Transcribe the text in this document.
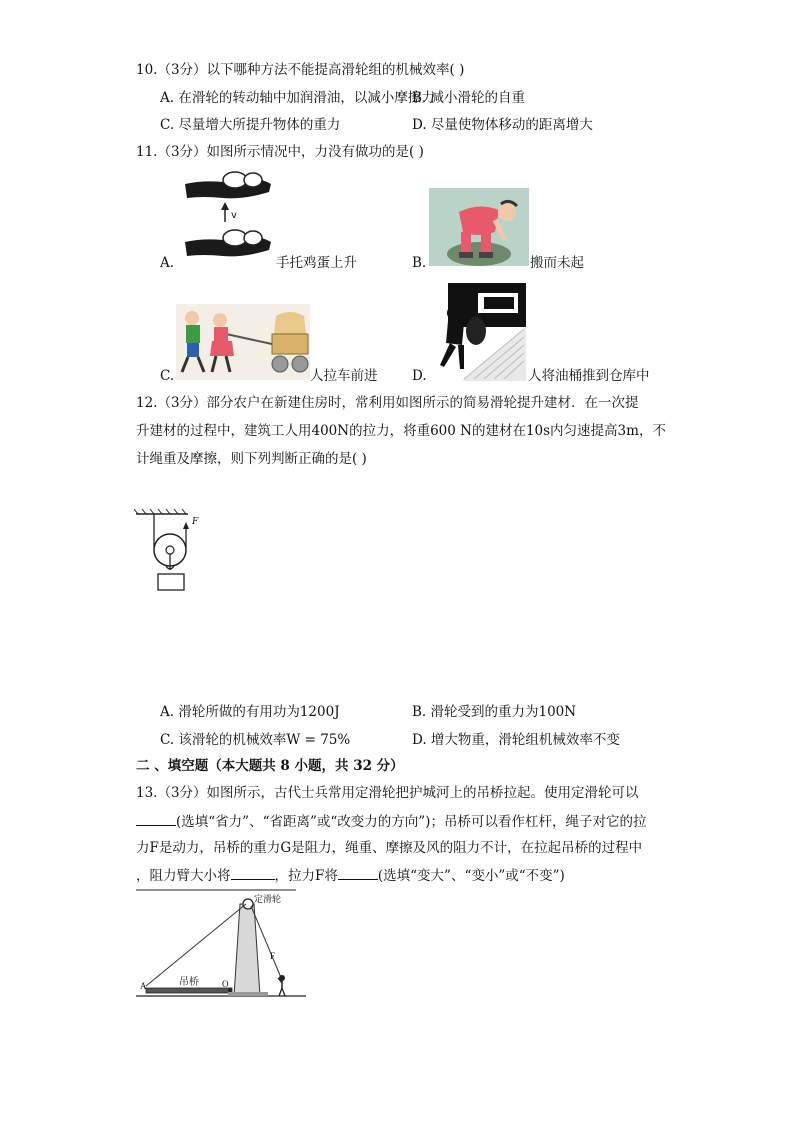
10.（3分）以下哪种方法不能提高滑轮组的机械效率( )
A. 在滑轮的转动轴中加润滑油，以减小摩擦力
B. 减小滑轮的自重
C. 尽量增大所提升物体的重力	D. 尽量使物体移动的距离增大
11.（3分）如图所示情况中，力没有做功的是( )
A.
v
手托鸡蛋上升	B.	搬而未起
C.	人拉车前进	D.	人将油桶推到仓库中
12.（3分）部分农户在新建住房时，常利用如图所示的简易滑轮提升建材．在一次提
升建材的过程中，建筑工人用400N的拉力，将重600 N的建材在10s内匀速提高3m，不
计绳重及摩擦，则下列判断正确的是( )
F
A. 滑轮所做的有用功为1200J	B. 滑轮受到的重力为100N
C. 该滑轮的机械效率W = 75%	D. 增大物重，滑轮组机械效率不变
二 、填空题（本大题共 8 小题，共 32 分）
13.（3分）如图所示，古代士兵常用定滑轮把护城河上的吊桥拉起。使用定滑轮可以
(选填“省力”、“省距离”或“改变力的方向”)；吊桥可以看作杠杆，绳子对它的拉
力F是动力，吊桥的重力G是阻力，绳重、摩擦及风的阻力不计，在拉起吊桥的过程中
，阻力臂大小将	，拉力F将	(选填“变大”、“变小”或“不变”)
定滑轮
吊桥
A	O
F
